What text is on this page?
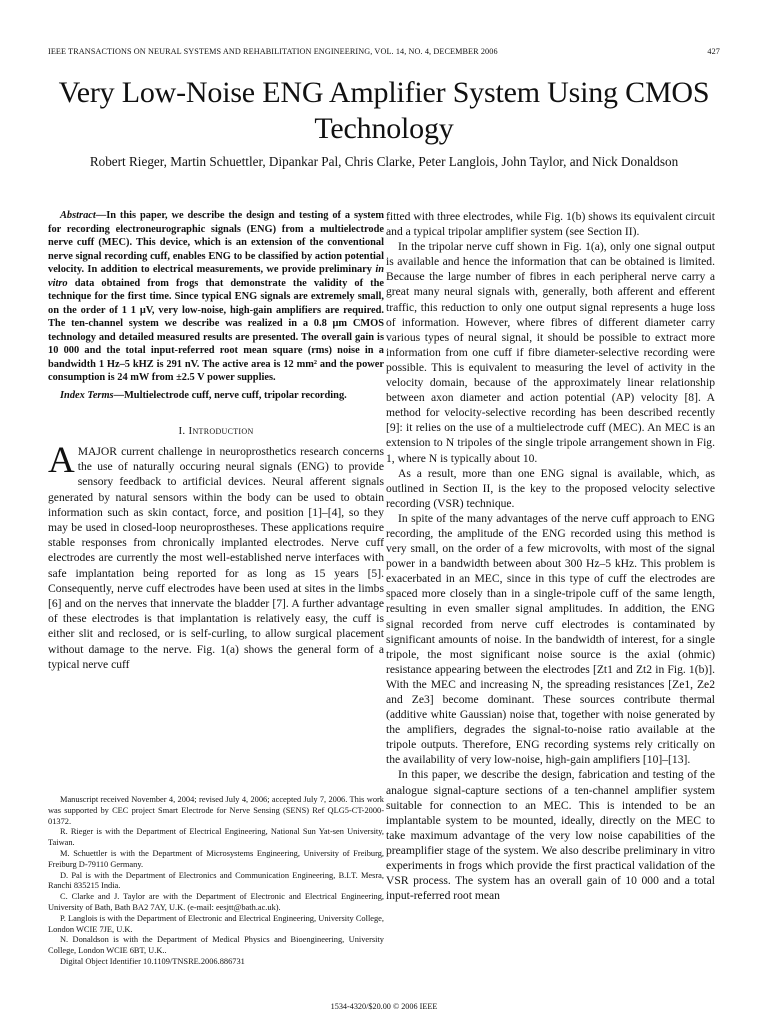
IEEE TRANSACTIONS ON NEURAL SYSTEMS AND REHABILITATION ENGINEERING, VOL. 14, NO. 4, DECEMBER 2006	427
Very Low-Noise ENG Amplifier System Using CMOS Technology
Robert Rieger, Martin Schuettler, Dipankar Pal, Chris Clarke, Peter Langlois, John Taylor, and Nick Donaldson

Abstract—In this paper, we describe the design and testing of a system for recording electroneurographic signals (ENG) from a multielectrode nerve cuff (MEC). This device, which is an extension of the conventional nerve signal recording cuff, enables ENG to be classified by action potential velocity. In addition to electrical measurements, we provide preliminary in vitro data obtained from frogs that demonstrate the validity of the technique for the first time. Since typical ENG signals are extremely small, on the order of 1 1 μV, very low-noise, high-gain amplifiers are required. The ten-channel system we describe was realized in a 0.8 μm CMOS technology and detailed measured results are presented. The overall gain is 10 000 and the total input-referred root mean square (rms) noise in a bandwidth 1 Hz–5 kHZ is 291 nV. The active area is 12 mm² and the power consumption is 24 mW from ±2.5 V power supplies.

Index Terms—Multielectrode cuff, nerve cuff, tripolar recording.

I. Introduction

A MAJOR current challenge in neuroprosthetics research concerns the use of naturally occuring neural signals (ENG) to provide sensory feedback to artificial devices. Neural afferent signals generated by natural sensors within the body can be used to obtain information such as skin contact, force, and position [1]–[4], so they may be used in closed-loop neuroprostheses. These applications require stable responses from chronically implanted electrodes. Nerve cuff electrodes are currently the most well-established nerve interfaces with safe implantation being reported for as long as 15 years [5]. Consequently, nerve cuff electrodes have been used at sites in the limbs [6] and on the nerves that innervate the bladder [7]. A further advantage of these electrodes is that implantation is relatively easy, the cuff is either slit and reclosed, or is self-curling, to allow surgical placement without damage to the nerve. Fig. 1(a) shows the general form of a typical nerve cuff

Manuscript received November 4, 2004; revised July 4, 2006; accepted July 7, 2006. This work was supported by CEC project Smart Electrode for Nerve Sensing (SENS) Ref QLG5-CT-2000-01372.

R. Rieger is with the Department of Electrical Engineering, National Sun Yat-sen University, Taiwan.

M. Schuettler is with the Department of Microsystems Engineering, University of Freiburg, Freiburg D-79110 Germany.

D. Pal is with the Department of Electronics and Communication Engineering, B.I.T. Mesra, Ranchi 835215 India.

C. Clarke and J. Taylor are with the Department of Electronic and Electrical Engineering, University of Bath, Bath BA2 7AY, U.K. (e-mail: eesjtt@bath.ac.uk).

P. Langlois is with the Department of Electronic and Electrical Engineering, University College, London WCIE 7JE, U.K.

N. Donaldson is with the Department of Medical Physics and Bioengineering, University College, London WCIE 6BT, U.K..

Digital Object Identifier 10.1109/TNSRE.2006.886731

fitted with three electrodes, while Fig. 1(b) shows its equivalent circuit and a typical tripolar amplifier system (see Section II).

In the tripolar nerve cuff shown in Fig. 1(a), only one signal output is available and hence the information that can be obtained is limited. Because the large number of fibres in each peripheral nerve carry a great many neural signals with, generally, both afferent and efferent traffic, this reduction to only one output signal represents a huge loss of information. However, where fibres of different diameter carry various types of neural signal, it should be possible to extract more information from one cuff if fibre diameter-selective recording were possible. This is equivalent to measuring the level of activity in the velocity domain, because of the approximately linear relationship between axon diameter and action potential (AP) velocity [8]. A method for velocity-selective recording has been described recently [9]: it relies on the use of a multielectrode cuff (MEC). An MEC is an extension to N tripoles of the single tripole arrangement shown in Fig. 1, where N is typically about 10.

As a result, more than one ENG signal is available, which, as outlined in Section II, is the key to the proposed velocity selective recording (VSR) technique.

In spite of the many advantages of the nerve cuff approach to ENG recording, the amplitude of the ENG recorded using this method is very small, on the order of a few microvolts, with most of the signal power in a bandwidth between about 300 Hz–5 kHz. This problem is exacerbated in an MEC, since in this type of cuff the electrodes are spaced more closely than in a single-tripole cuff of the same length, resulting in even smaller signal amplitudes. In addition, the ENG signal recorded from nerve cuff electrodes is contaminated by significant amounts of noise. In the bandwidth of interest, for a single tripole, the most significant noise source is the axial (ohmic) resistance appearing between the electrodes [Zt1 and Zt2 in Fig. 1(b)]. With the MEC and increasing N, the spreading resistances [Ze1, Ze2 and Ze3] become dominant. These sources contribute thermal (additive white Gaussian) noise that, together with noise generated by the amplifiers, degrades the signal-to-noise ratio available at the tripole outputs. Therefore, ENG recording systems rely critically on the availability of very low-noise, high-gain amplifiers [10]–[13].

In this paper, we describe the design, fabrication and testing of the analogue signal-capture sections of a ten-channel amplifier system suitable for connection to an MEC. This is intended to be an implantable system to be mounted, ideally, directly on the MEC to take maximum advantage of the very low noise capabilities of the preamplifier stage of the system. We also describe preliminary in vitro experiments in frogs which provide the first practical validation of the VSR process. The system has an overall gain of 10 000 and a total input-referred root mean

1534-4320/$20.00 © 2006 IEEE
